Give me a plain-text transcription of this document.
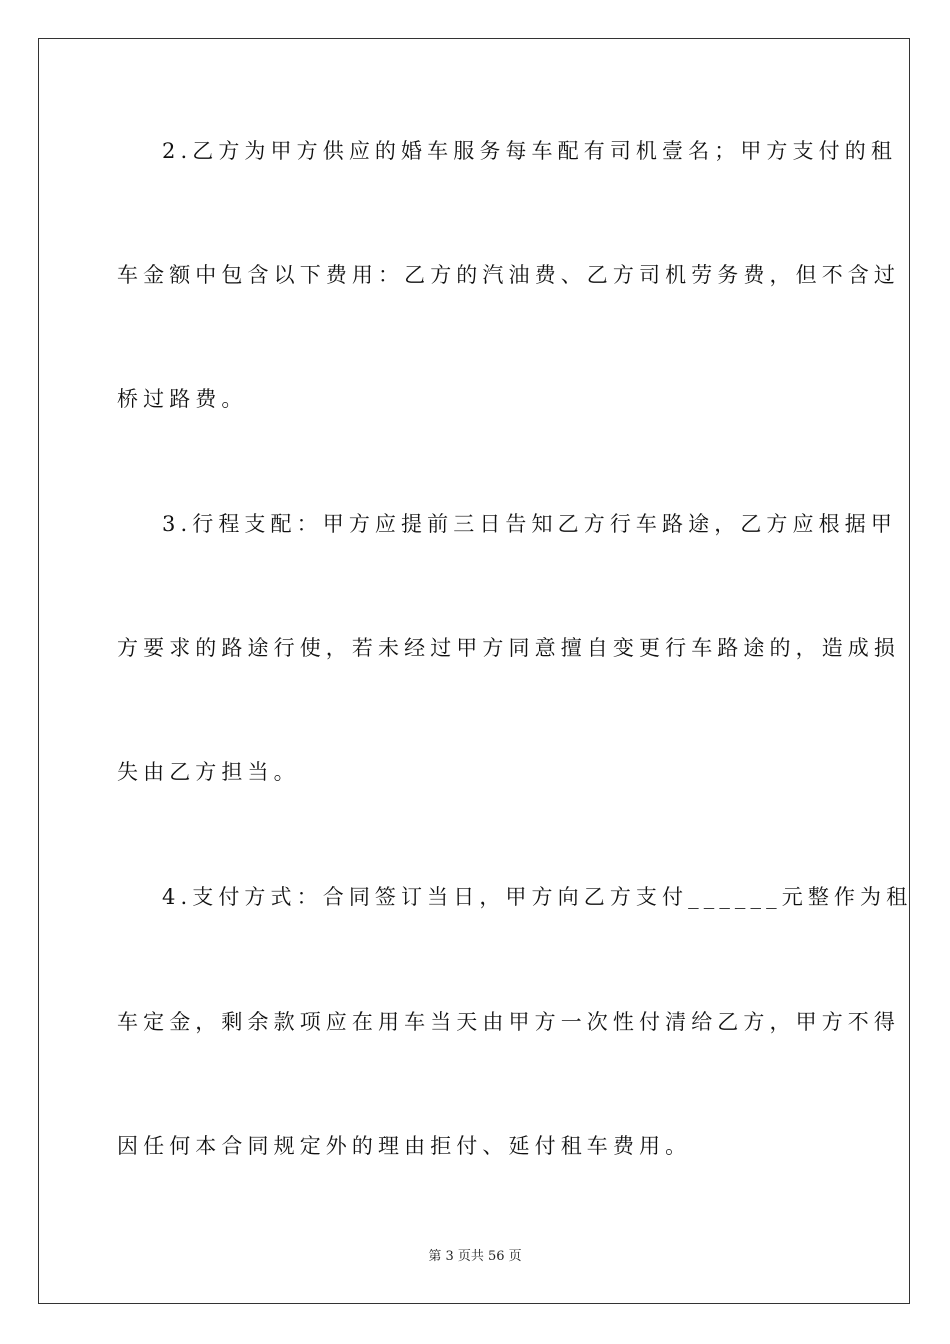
2.乙方为甲方供应的婚车服务每车配有司机壹名；甲方支付的租
车金额中包含以下费用：乙方的汽油费、乙方司机劳务费，但不含过
桥过路费。
3.行程支配：甲方应提前三日告知乙方行车路途，乙方应根据甲
方要求的路途行使，若未经过甲方同意擅自变更行车路途的，造成损
失由乙方担当。
4.支付方式：合同签订当日，甲方向乙方支付______元整作为租
车定金，剩余款项应在用车当天由甲方一次性付清给乙方，甲方不得
因任何本合同规定外的理由拒付、延付租车费用。
第 3 页共 56 页
